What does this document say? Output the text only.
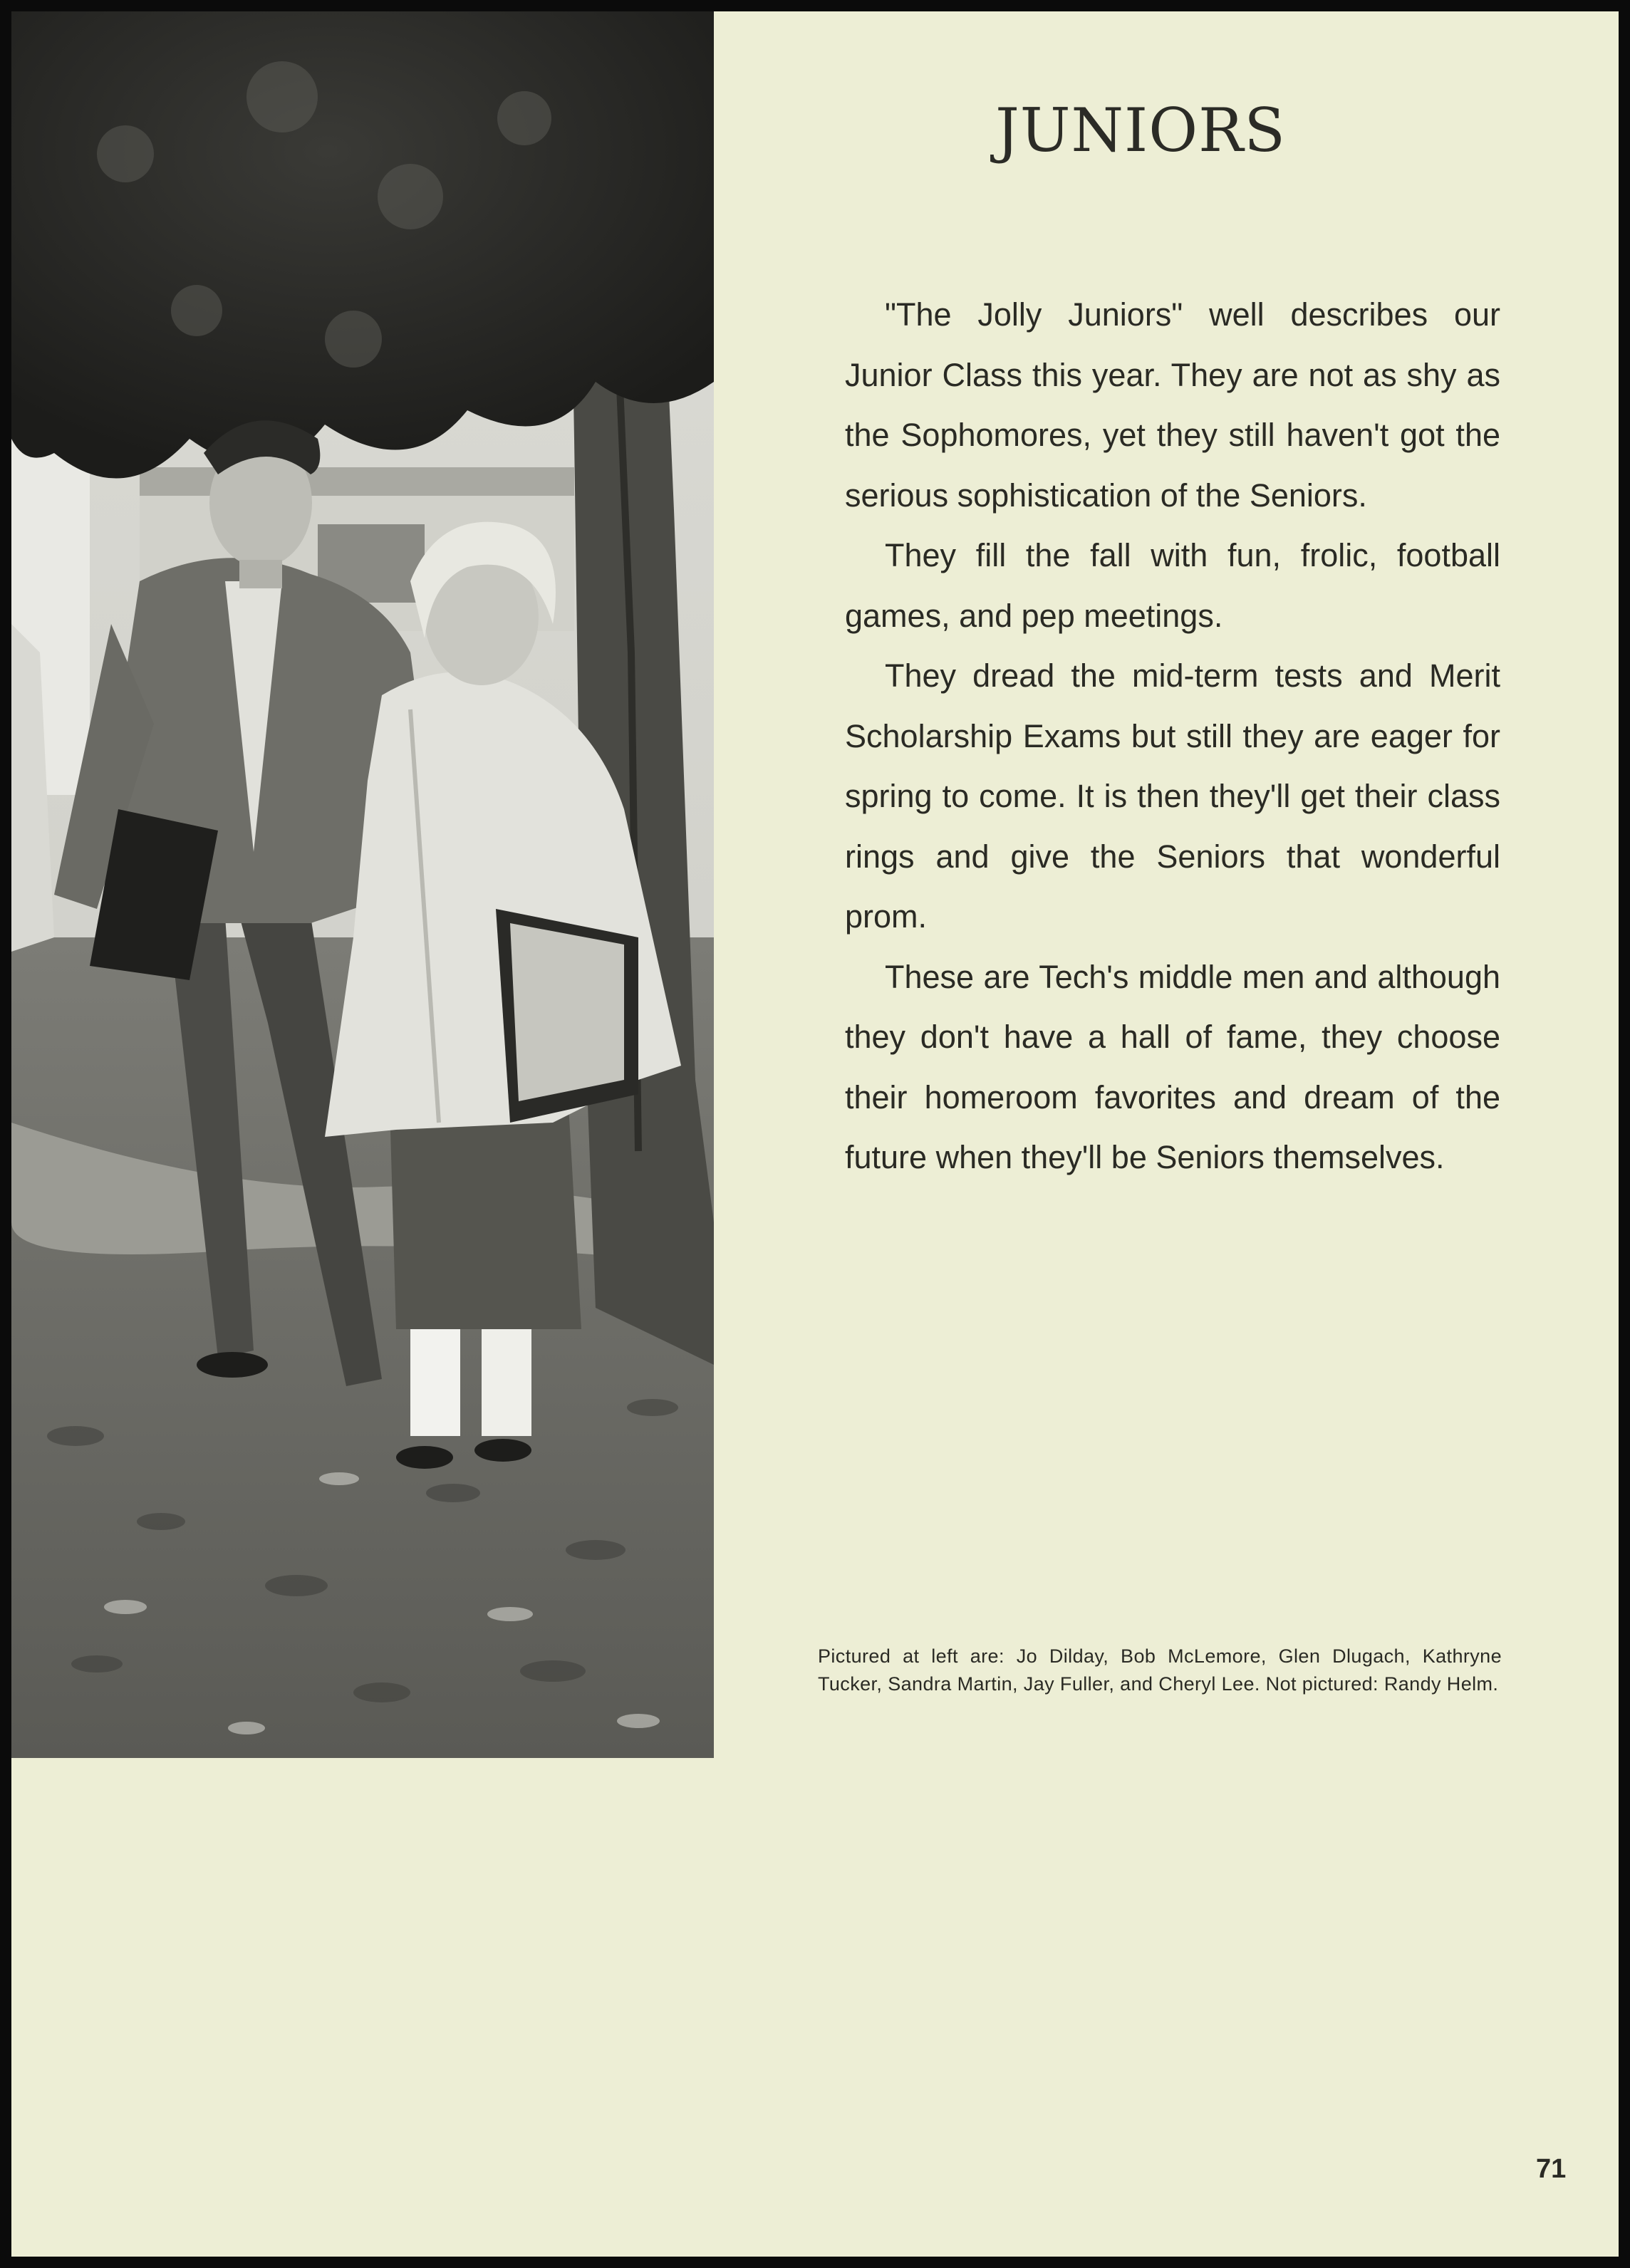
JUNIORS

"The Jolly Juniors" well describes our Junior Class this year. They are not as shy as the Sophomores, yet they still haven't got the serious sophistication of the Seniors.

They fill the fall with fun, frolic, football games, and pep meetings.

They dread the mid-term tests and Merit Scholarship Exams but still they are eager for spring to come. It is then they'll get their class rings and give the Seniors that wonderful prom.

These are Tech's middle men and although they don't have a hall of fame, they choose their homeroom favorites and dream of the future when they'll be Seniors themselves.

Pictured at left are: Jo Dilday, Bob McLemore, Glen Dlugach, Kathryne Tucker, Sandra Martin, Jay Fuller, and Cheryl Lee. Not pictured: Randy Helm.
71
